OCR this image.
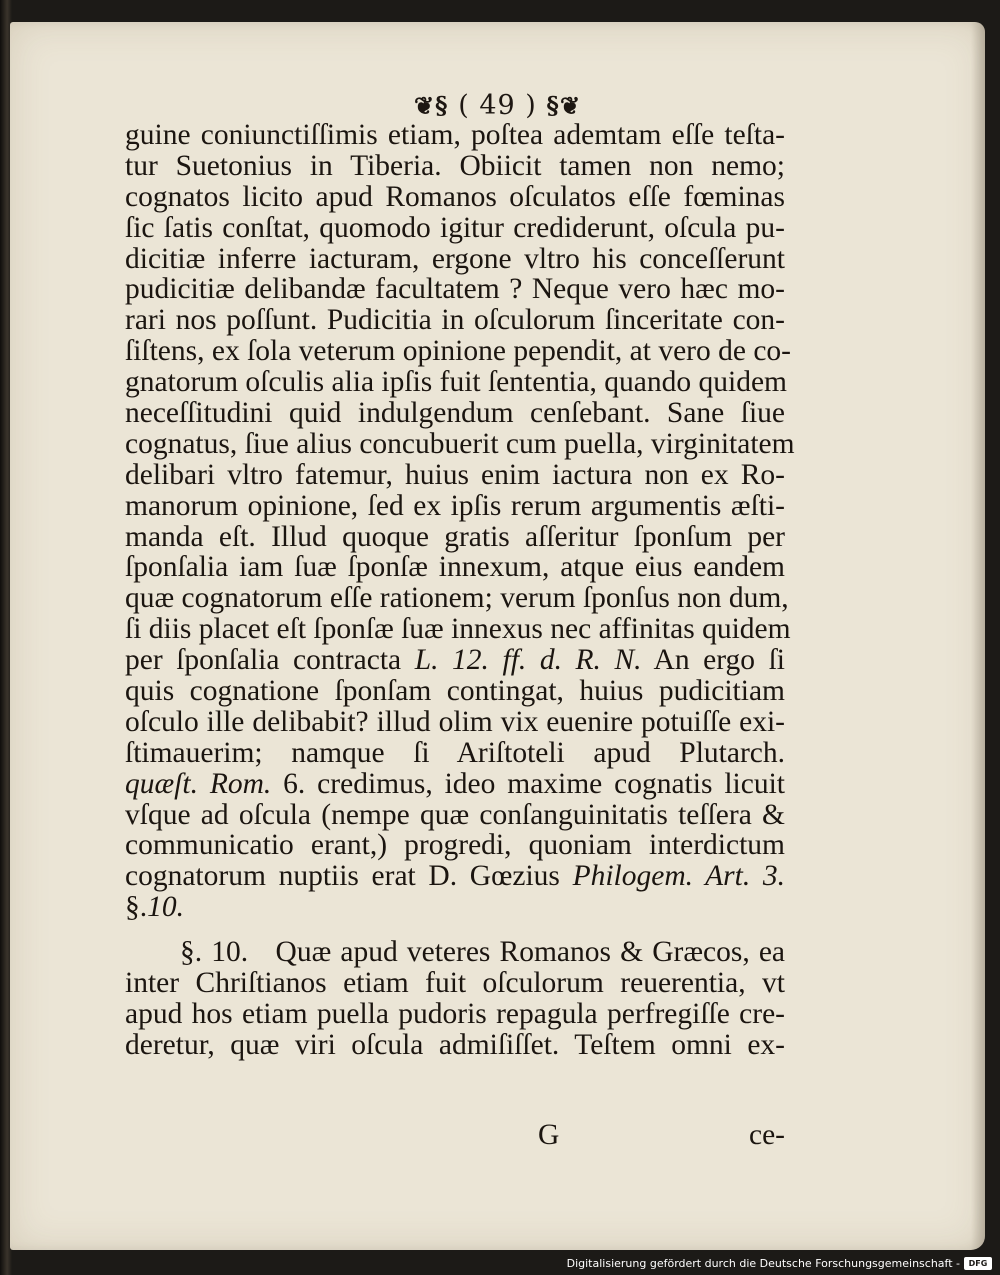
❦§ ( 49 ) §❦
guine coniunctiſſimis etiam, poſtea ademtam eſſe teſta-
tur Suetonius in Tiberia. Obiicit tamen non nemo;
cognatos licito apud Romanos oſculatos eſſe fœminas
ſic ſatis conſtat, quomodo igitur crediderunt, oſcula pu-
dicitiæ inferre iacturam, ergone vltro his conceſſerunt
pudicitiæ delibandæ facultatem ? Neque vero hæc mo-
rari nos poſſunt. Pudicitia in oſculorum ſinceritate con-
ſiſtens, ex ſola veterum opinione pependit, at vero de co-
gnatorum oſculis alia ipſis fuit ſententia, quando quidem
neceſſitudini quid indulgendum cenſebant. Sane ſiue
cognatus, ſiue alius concubuerit cum puella, virginitatem
delibari vltro fatemur, huius enim iactura non ex Ro-
manorum opinione, ſed ex ipſis rerum argumentis æſti-
manda eſt. Illud quoque gratis aſſeritur ſponſum per
ſponſalia iam ſuæ ſponſæ innexum, atque eius eandem
quæ cognatorum eſſe rationem; verum ſponſus non dum,
ſi diis placet eſt ſponſæ ſuæ innexus nec affinitas quidem
per ſponſalia contracta L. 12. ff. d. R. N. An ergo ſi
quis cognatione ſponſam contingat, huius pudicitiam
oſculo ille delibabit? illud olim vix euenire potuiſſe exi-
ſtimauerim; namque ſi Ariſtoteli apud Plutarch.
quæſt. Rom. 6. credimus, ideo maxime cognatis licuit
vſque ad oſcula (nempe quæ conſanguinitatis teſſera &
communicatio erant,) progredi, quoniam interdictum
cognatorum nuptiis erat D. Gœzius Philogem. Art. 3.
§.10.
§. 10. Quæ apud veteres Romanos & Græcos, ea
inter Chriſtianos etiam fuit oſculorum reuerentia, vt
apud hos etiam puella pudoris repagula perfregiſſe cre-
deretur, quæ viri oſcula admiſiſſet. Teſtem omni ex-
G	ce-
Digitalisierung gefördert durch die Deutsche Forschungsgemeinschaft -	DFG
